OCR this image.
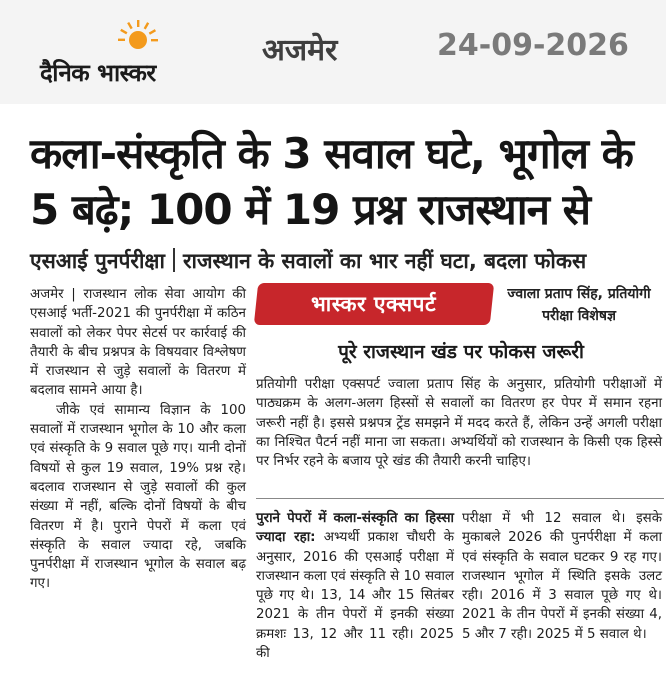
दैनिक भास्कर
अजमेर	24-09-2026
कला-संस्कृति के 3 सवाल घटे, भूगोल के 5 बढ़े; 100 में 19 प्रश्न राजस्थान से
एसआई पुनर्परीक्षा राजस्थान के सवालों का भार नहीं घटा, बदला फोकस

अजमेर | राजस्थान लोक सेवा आयोग की एसआई भर्ती-2021 की पुनर्परीक्षा में कठिन सवालों को लेकर पेपर सेटर्स पर कार्रवाई की तैयारी के बीच प्रश्नपत्र के विषयवार विश्लेषण में राजस्थान से जुड़े सवालों के वितरण में बदलाव सामने आया है।

जीके एवं सामान्य विज्ञान के 100 सवालों में राजस्थान भूगोल के 10 और कला एवं संस्कृति के 9 सवाल पूछे गए। यानी दोनों विषयों से कुल 19 सवाल, 19% प्रश्न रहे। बदलाव राजस्थान से जुड़े सवालों की कुल संख्या में नहीं, बल्कि दोनों विषयों के बीच वितरण में है। पुराने पेपरों में कला एवं संस्कृति के सवाल ज्यादा रहे, जबकि पुनर्परीक्षा में राजस्थान भूगोल के सवाल बढ़ गए।

भास्कर एक्सपर्ट	ज्वाला प्रताप सिंह, प्रतियोगी परीक्षा विशेषज्ञ
पूरे राजस्थान खंड पर फोकस जरूरी

प्रतियोगी परीक्षा एक्सपर्ट ज्वाला प्रताप सिंह के अनुसार, प्रतियोगी परीक्षाओं में पाठ्यक्रम के अलग-अलग हिस्सों से सवालों का वितरण हर पेपर में समान रहना जरूरी नहीं है। इससे प्रश्नपत्र ट्रेंड समझने में मदद करते हैं, लेकिन उन्हें अगली परीक्षा का निश्चित पैटर्न नहीं माना जा सकता। अभ्यर्थियों को राजस्थान के किसी एक हिस्से पर निर्भर रहने के बजाय पूरे खंड की तैयारी करनी चाहिए।

पुराने पेपरों में कला-संस्कृति का हिस्सा ज्यादा रहा: अभ्यर्थी प्रकाश चौधरी के अनुसार, 2016 की एसआई परीक्षा में राजस्थान कला एवं संस्कृति से 10 सवाल पूछे गए थे। 13, 14 और 15 सितंबर 2021 के तीन पेपरों में इनकी संख्या क्रमशः 13, 12 और 11 रही। 2025 की

परीक्षा में भी 12 सवाल थे। इसके मुकाबले 2026 की पुनर्परीक्षा में कला एवं संस्कृति के सवाल घटकर 9 रह गए। राजस्थान भूगोल में स्थिति इसके उलट रही। 2016 में 3 सवाल पूछे गए थे। 2021 के तीन पेपरों में इनकी संख्या 4, 5 और 7 रही। 2025 में 5 सवाल थे।
